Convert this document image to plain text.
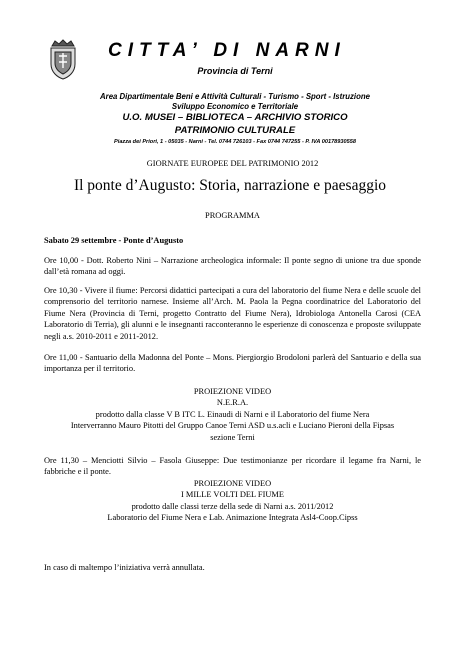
CITTA’ DI NARNI
Provincia di Terni
Area Dipartimentale Beni e Attività Culturali - Turismo - Sport - Istruzione
Sviluppo Economico e Territoriale
U.O. MUSEI – BIBLIOTECA – ARCHIVIO STORICO
PATRIMONIO CULTURALE
Piazza dei Priori, 1 - 05035 - Narni - Tel. 0744 726103 - Fax 0744 747255 - P. IVA 00178930558
GIORNATE EUROPEE DEL PATRIMONIO 2012
Il ponte d’Augusto: Storia, narrazione e paesaggio
PROGRAMMA
Sabato 29 settembre - Ponte d’Augusto

Ore 10,00 - Dott. Roberto Nini – Narrazione archeologica informale: Il ponte segno di unione tra due sponde dall’età romana ad oggi.

Ore 10,30 - Vivere il fiume: Percorsi didattici partecipati a cura del laboratorio del fiume Nera e delle scuole del comprensorio del territorio narnese. Insieme all’Arch. M. Paola la Pegna coordinatrice del Laboratorio del Fiume Nera (Provincia di Terni, progetto Contratto del Fiume Nera), Idrobiologa Antonella Carosi (CEA Laboratorio di Terria), gli alunni e le insegnanti racconteranno le esperienze di conoscenza e proposte sviluppate negli a.s. 2010-2011 e 2011-2012.

Ore 11,00 - Santuario della Madonna del Ponte – Mons. Piergiorgio Brodoloni parlerà del Santuario e della sua importanza per il territorio.

PROIEZIONE VIDEO
N.E.R.A.
prodotto dalla classe V B ITC L. Einaudi di Narni e il Laboratorio del fiume Nera
Interverranno Mauro Pitotti del Gruppo Canoe Terni ASD u.s.acli e Luciano Pieroni della Fipsas
sezione Terni

Ore 11,30 – Menciotti Silvio – Fasola Giuseppe: Due testimonianze per ricordare il legame fra Narni, le fabbriche e il ponte.

PROIEZIONE VIDEO
I MILLE VOLTI DEL FIUME
prodotto dalle classi terze della sede di Narni a.s. 2011/2012
Laboratorio del Fiume Nera e Lab. Animazione Integrata Asl4-Coop.Cipss
In caso di maltempo l’iniziativa verrà annullata.
